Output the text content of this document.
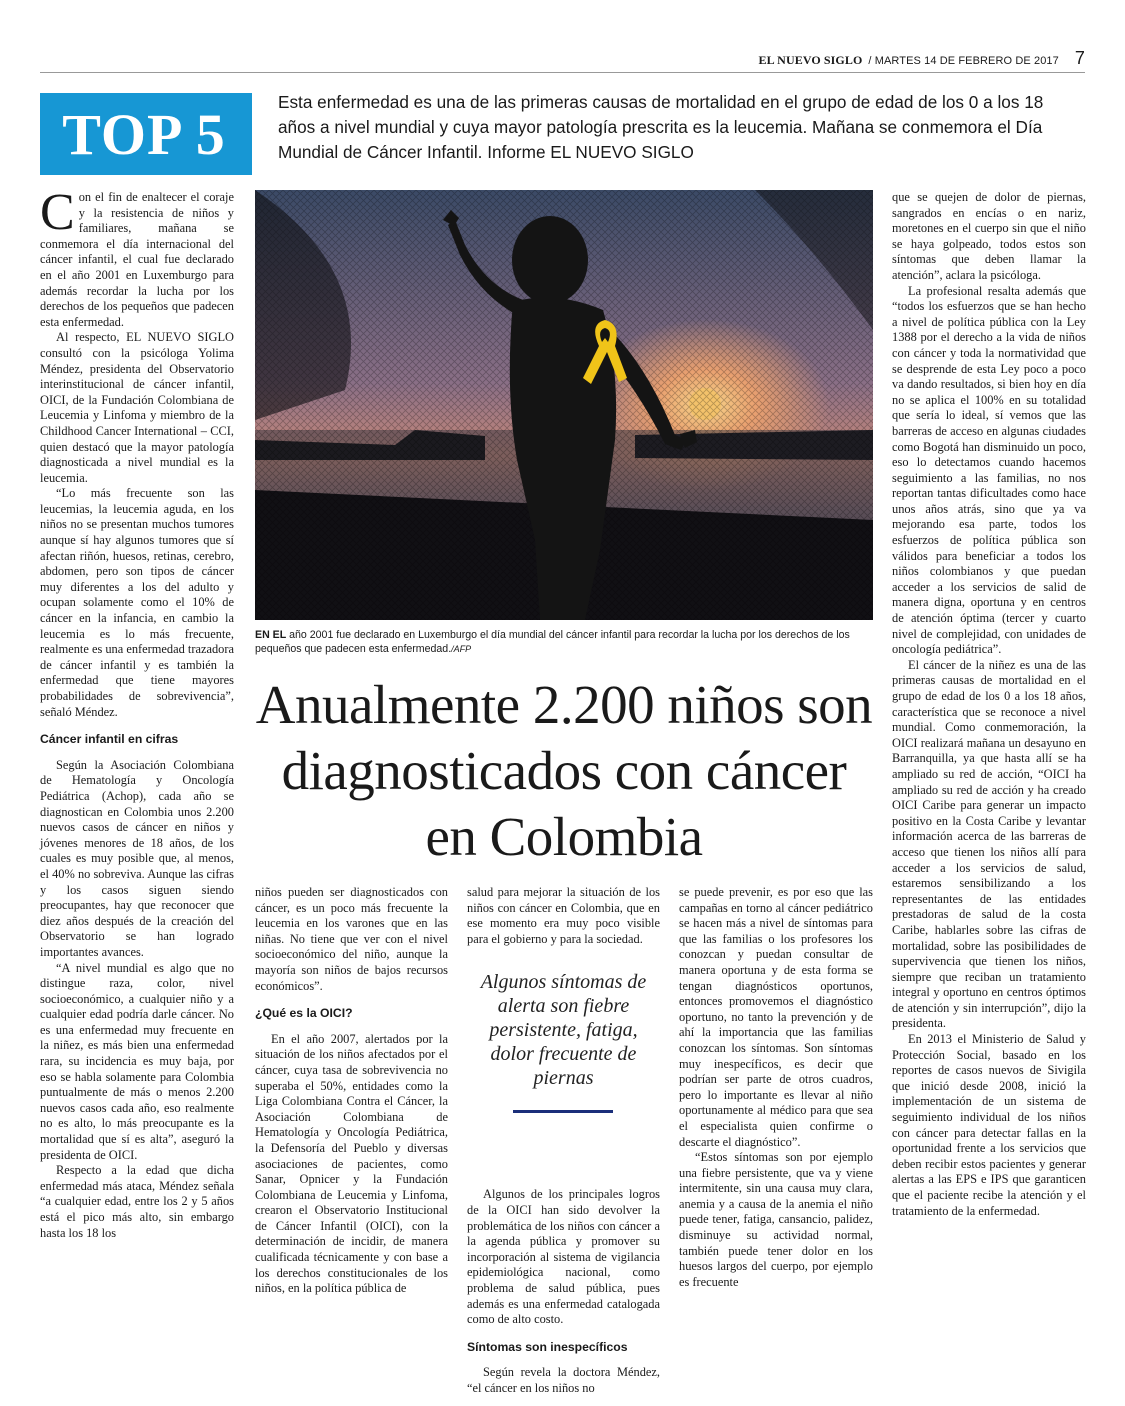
EL NUEVO SIGLO / MARTES 14 DE FEBRERO DE 2017 7
TOP 5	Esta enfermedad es una de las primeras causas de mortalidad en el grupo de edad de los 0 a los 18 años a nivel mundial y cuya mayor patología prescrita es la leucemia. Mañana se conmemora el Día Mundial de Cáncer Infantil. Informe EL NUEVO SIGLO

Con el fin de enaltecer el coraje y la resistencia de niños y familiares, mañana se conmemora el día internacional del cáncer infantil, el cual fue declarado en el año 2001 en Luxemburgo para además recordar la lucha por los derechos de los pequeños que padecen esta enfermedad.

Al respecto, EL NUEVO SIGLO consultó con la psicóloga Yolima Méndez, presidenta del Observatorio interinstitucional de cáncer infantil, OICI, de la Fundación Colombiana de Leucemia y Linfoma y miembro de la Childhood Cancer International – CCI, quien destacó que la mayor patología diagnosticada a nivel mundial es la leucemia.

“Lo más frecuente son las leucemias, la leucemia aguda, en los niños no se presentan muchos tumores aunque sí hay algunos tumores que sí afectan riñón, huesos, retinas, cerebro, abdomen, pero son tipos de cáncer muy diferentes a los del adulto y ocupan solamente como el 10% de cáncer en la infancia, en cambio la leucemia es lo más frecuente, realmente es una enfermedad trazadora de cáncer infantil y es también la enfermedad que tiene mayores probabilidades de sobrevivencia”, señaló Méndez.

Cáncer infantil en cifras

Según la Asociación Colombiana de Hematología y Oncología Pediátrica (Achop), cada año se diagnostican en Colombia unos 2.200 nuevos casos de cáncer en niños y jóvenes menores de 18 años, de los cuales es muy posible que, al menos, el 40% no sobreviva. Aunque las cifras y los casos siguen siendo preocupantes, hay que reconocer que diez años después de la creación del Observatorio se han logrado importantes avances.

“A nivel mundial es algo que no distingue raza, color, nivel socioeconómico, a cualquier niño y a cualquier edad podría darle cáncer. No es una enfermedad muy frecuente en la niñez, es más bien una enfermedad rara, su incidencia es muy baja, por eso se habla solamente para Colombia puntualmente de más o menos 2.200 nuevos casos cada año, eso realmente no es alto, lo más preocupante es la mortalidad que sí es alta”, aseguró la presidenta de OICI.

Respecto a la edad que dicha enfermedad más ataca, Méndez señala “a cualquier edad, entre los 2 y 5 años está el pico más alto, sin embargo hasta los 18 los

EN EL año 2001 fue declarado en Luxemburgo el día mundial del cáncer infantil para recordar la lucha por los derechos de los pequeños que padecen esta enfermedad./AFP
Anualmente 2.200 niños son diagnosticados con cáncer en Colombia

niños pueden ser diagnosticados con cáncer, es un poco más frecuente la leucemia en los varones que en las niñas. No tiene que ver con el nivel socioeconómico del niño, aunque la mayoría son niños de bajos recursos económicos”.

¿Qué es la OICI?

En el año 2007, alertados por la situación de los niños afectados por el cáncer, cuya tasa de sobrevivencia no superaba el 50%, entidades como la Liga Colombiana Contra el Cáncer, la Asociación Colombiana de Hematología y Oncología Pediátrica, la Defensoría del Pueblo y diversas asociaciones de pacientes, como Sanar, Opnicer y la Fundación Colombiana de Leucemia y Linfoma, crearon el Observatorio Institucional de Cáncer Infantil (OICI), con la determinación de incidir, de manera cualificada técnicamente y con base a los derechos constitucionales de los niños, en la política pública de

salud para mejorar la situación de los niños con cáncer en Colombia, que en ese momento era muy poco visible para el gobierno y para la sociedad.

Algunos de los principales logros de la OICI han sido devolver la problemática de los niños con cáncer a la agenda pública y promover su incorporación al sistema de vigilancia epidemiológica nacional, como problema de salud pública, pues además es una enfermedad catalogada como de alto costo.

Síntomas son inespecíficos

Según revela la doctora Méndez, “el cáncer en los niños no

Algunos síntomas de alerta son fiebre persistente, fatiga, dolor frecuente de piernas

se puede prevenir, es por eso que las campañas en torno al cáncer pediátrico se hacen más a nivel de síntomas para que las familias o los profesores los conozcan y puedan consultar de manera oportuna y de esta forma se tengan diagnósticos oportunos, entonces promovemos el diagnóstico oportuno, no tanto la prevención y de ahí la importancia que las familias conozcan los síntomas. Son síntomas muy inespecíficos, es decir que podrían ser parte de otros cuadros, pero lo importante es llevar al niño oportunamente al médico para que sea el especialista quien confirme o descarte el diagnóstico”.

“Estos síntomas son por ejemplo una fiebre persistente, que va y viene intermitente, sin una causa muy clara, anemia y a causa de la anemia el niño puede tener, fatiga, cansancio, palidez, disminuye su actividad normal, también puede tener dolor en los huesos largos del cuerpo, por ejemplo es frecuente

que se quejen de dolor de piernas, sangrados en encías o en nariz, moretones en el cuerpo sin que el niño se haya golpeado, todos estos son síntomas que deben llamar la atención”, aclara la psicóloga.

La profesional resalta además que “todos los esfuerzos que se han hecho a nivel de política pública con la Ley 1388 por el derecho a la vida de niños con cáncer y toda la normatividad que se desprende de esta Ley poco a poco va dando resultados, si bien hoy en día no se aplica el 100% en su totalidad que sería lo ideal, sí vemos que las barreras de acceso en algunas ciudades como Bogotá han disminuido un poco, eso lo detectamos cuando hacemos seguimiento a las familias, no nos reportan tantas dificultades como hace unos años atrás, sino que ya va mejorando esa parte, todos los esfuerzos de política pública son válidos para beneficiar a todos los niños colombianos y que puedan acceder a los servicios de salid de manera digna, oportuna y en centros de atención óptima (tercer y cuarto nivel de complejidad, con unidades de oncología pediátrica”.

El cáncer de la niñez es una de las primeras causas de mortalidad en el grupo de edad de los 0 a los 18 años, característica que se reconoce a nivel mundial. Como conmemoración, la OICI realizará mañana un desayuno en Barranquilla, ya que hasta allí se ha ampliado su red de acción, “OICI ha ampliado su red de acción y ha creado OICI Caribe para generar un impacto positivo en la Costa Caribe y levantar información acerca de las barreras de acceso que tienen los niños allí para acceder a los servicios de salud, estaremos sensibilizando a los representantes de las entidades prestadoras de salud de la costa Caribe, hablarles sobre las cifras de mortalidad, sobre las posibilidades de supervivencia que tienen los niños, siempre que reciban un tratamiento integral y oportuno en centros óptimos de atención y sin interrupción”, dijo la presidenta.

En 2013 el Ministerio de Salud y Protección Social, basado en los reportes de casos nuevos de Sivigila que inició desde 2008, inició la implementación de un sistema de seguimiento individual de los niños con cáncer para detectar fallas en la oportunidad frente a los servicios que deben recibir estos pacientes y generar alertas a las EPS e IPS que garanticen que el paciente recibe la atención y el tratamiento de la enfermedad.
